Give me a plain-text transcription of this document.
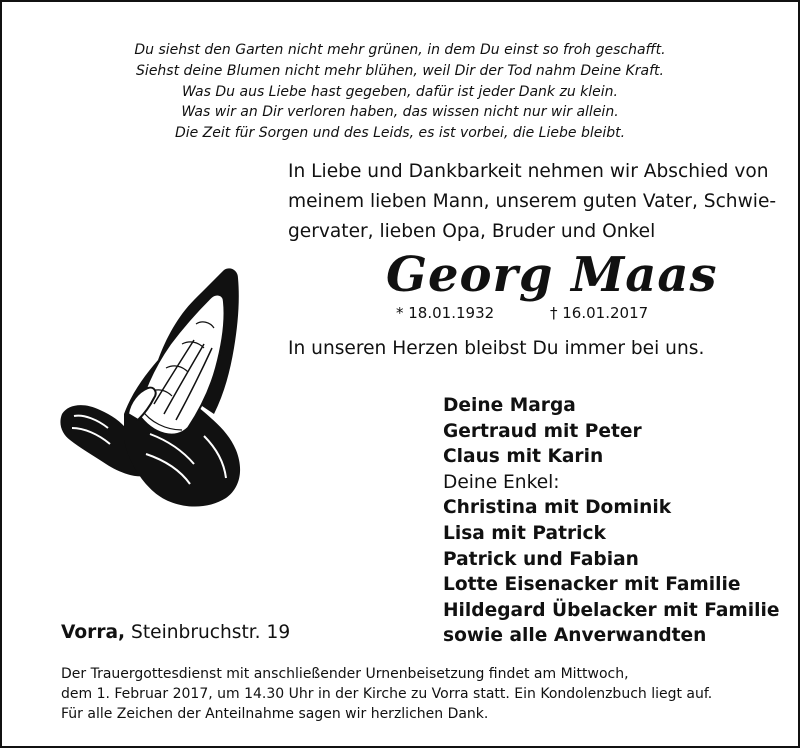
Du siehst den Garten nicht mehr grünen, in dem Du einst so froh geschafft.
Siehst deine Blumen nicht mehr blühen, weil Dir der Tod nahm Deine Kraft.
Was Du aus Liebe hast gegeben, dafür ist jeder Dank zu klein.
Was wir an Dir verloren haben, das wissen nicht nur wir allein.
Die Zeit für Sorgen und des Leids, es ist vorbei, die Liebe bleibt.
In Liebe und Dankbarkeit nehmen wir Abschied von
meinem lieben Mann, unserem guten Vater, Schwie-
gervater, lieben Opa, Bruder und Onkel
Georg Maas
* 18.01.1932	† 16.01.2017
In unseren Herzen bleibst Du immer bei uns.
Deine Marga
Gertraud mit Peter
Claus mit Karin
Deine Enkel:
Christina mit Dominik
Lisa mit Patrick
Patrick und Fabian
Lotte Eisenacker mit Familie
Hildegard Übelacker mit Familie
sowie alle Anverwandten
Vorra, Steinbruchstr. 19
Der Trauergottesdienst mit anschließender Urnenbeisetzung findet am Mittwoch,
dem 1. Februar 2017, um 14.30 Uhr in der Kirche zu Vorra statt. Ein Kondolenzbuch liegt auf.
Für alle Zeichen der Anteilnahme sagen wir herzlichen Dank.
